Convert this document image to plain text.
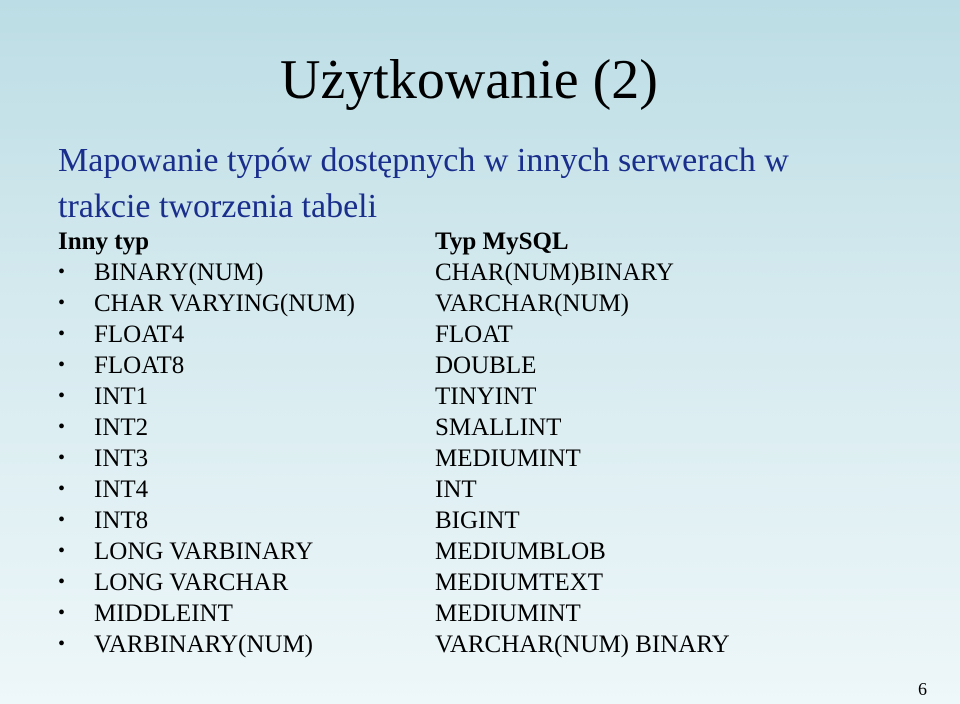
Użytkowanie (2)
Mapowanie typów dostępnych w innych serwerach w
trakcie tworzenia tabeli
Inny typ	Typ MySQL
• BINARY(NUM)	CHAR(NUM)BINARY
• CHAR VARYING(NUM)	VARCHAR(NUM)
• FLOAT4	FLOAT
• FLOAT8	DOUBLE
• INT1	TINYINT
• INT2	SMALLINT
• INT3	MEDIUMINT
• INT4	INT
• INT8	BIGINT
• LONG VARBINARY	MEDIUMBLOB
• LONG VARCHAR	MEDIUMTEXT
• MIDDLEINT	MEDIUMINT
• VARBINARY(NUM)	VARCHAR(NUM) BINARY
6
